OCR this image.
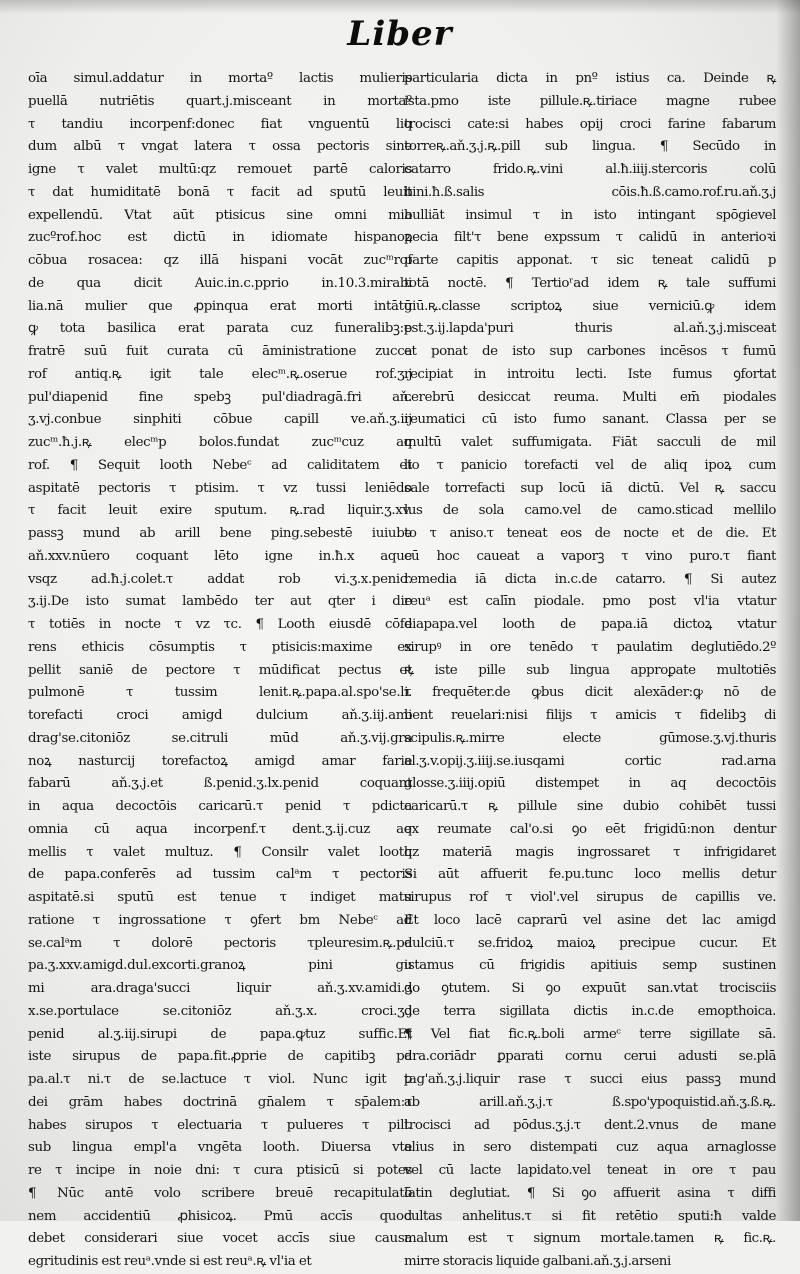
Liber
oīa simul.addatur in mortaº lactis mulieris
puellā nutriētis quart.j.misceant in mortaº
τ tandiu incorpenf:donec fiat vnguentū liq
dum albū τ vngat latera τ ossa pectoris sine
igne τ valet multū:qz remouet partē caloris
τ dat humiditatē bonā τ facit ad sputū leuit
expellendū. Vtat aūt ptisicus sine omni mia
zucºrof.hoc est dictū in idiomate hispanoꝝ
cōbua rosacea: qz illā hispani vocāt zucᵐrof
de qua dicit Auic.in.c.pprio in.10.3.mirabi
lia.nā mulier que ꝓpinqua erat morti intātū
ꝙ tota basilica erat parata cuz funeralibꝫ:p
fratrē suū fuit curata cū āministratione zucca
rof antiq.ꝶ igit tale elecᵐ.ꝶ.oserue rof.ʒ.j
pul'diapenid fine spebꝫ pul'diadragā.fri aň.
ʒ.vj.conbue sinphiti cōbue capill ve.aň.ʒ.iij
zucᵐ.ħ.j.ꝶ elecᵐp bolos.fundat zucᵐcuz aq
rof. ¶ Sequit looth Nebeᶜ ad caliditatem et
aspitatē pectoris τ ptisim. τ vz tussi leniēdo
τ facit leuit exire sputum. ꝶ.rad liquir.ʒ.xv.
passꝫ mund ab arill bene ping.sebestē iuiube
aň.xxv.nūero coquant lēto igne in.ħ.x aque
vsqz ad.ħ.j.colet.τ addat rob vi.ʒ.x.penid.
ʒ.ij.De isto sumat lambēdo ter aut qter i die
τ totiēs in nocte τ vz τc. ¶ Looth eiusdē cōfe
rens ethicis cōsumptis τ ptisicis:maxime ex
pellit saniē de pectore τ mūdificat pectus et
pulmonē τ tussim lenit.ꝶ.papa.al.spo'se.li.
torefacti croci amigd dulcium aň.ʒ.iij.ami
drag'se.citoniōz se.citruli mūd aň.ʒ.vij.gra
noꝝ nasturcij torefactoꝝ amigd amar farie
fabarū aň.ʒ.j.et ß.penid.ʒ.lx.penid coquant
in aqua decoctōis caricarū.τ penid τ pdicta
omnia cū aqua incorpenf.τ dent.ʒ.ij.cuz aq
mellis τ valet multuz. ¶ Consilr valet looth
de papa.conferēs ad tussim calᵃm τ pectoris
aspitatē.si sputū est tenue τ indiget matu
ratione τ ingrossatione τ ꝯfert bm Nebeᶜ ad
se.calᵃm τ dolorē pectoris τpleuresim.ꝶ.pa
pa.ʒ.xxv.amigd.dul.excorti.granoꝝ pini gu
mi ara.draga'succi liquir aň.ʒ.xv.amidi.ʒ
x.se.portulace se.citoniōz aň.ʒ.x. croci.ʒ.j
penid al.ʒ.iij.sirupi de papa.ꝙtuz suffic.Et
iste sirupus de papa.fit.ꝓprie de capitibꝫ pa
pa.al.τ ni.τ de se.lactuce τ viol. Nunc igit p
dei grām habes doctrinā gn̄alem τ sp̄alem:τ
habes sirupos τ electuaria τ pulueres τ pill.
sub lingua empl'a vngēta looth. Diuersa vte
re τ incipe in noie dni: τ cura ptisicū si potes
¶ Nūc antē volo scribere breuē recapitulatō
nem accidentiū ꝓhisicoꝝ. Pmū accīs quod
debet considerari siue vocet accīs siue causa
egritudinis est reuᵃ.vnde si est reuᵃ.ꝶ vl'ia et
particularia dicta in pnº istius ca. Deinde ꝶ
ista.pmo iste pillule.ꝶ.tiriace magne rubee
trocisci cate:si habes opij croci farine fabarum
torreꝶ.aň.ʒ.j.ꝶ.pill sub lingua. ¶ Secūdo in
catarro frido.ꝶ.vini al.ħ.iiij.stercoris colū
bini.ħ.ß.salis cōis.ħ.ß.camo.rof.ru.aň.ʒ.j
bulliāt insimul τ in isto intingant spōgievel
pecia filt'τ bene expssum τ calidū in anterioꝛi
parte capitis apponat. τ sic teneat calidū p
totā noctē. ¶ Tertioʳad idem ꝶ tale suffumi
giū.ꝶ.classe scriptoꝝ siue verniciū.ꝙ idem
est.ʒ.ij.lapda'puri thuris al.aň.ʒ.j.misceat
et ponat de isto sup carbones incēsos τ fumū
recipiat in introitu lecti. Iste fumus ꝯfortat
cerebrū desiccat reuma. Multi em̄ piodales
reumatici cū isto fumo sanant. Classa per se
multū valet suffumigata. Fiāt sacculi de mil
lio τ panicio torefacti vel de aliq ipoꝝ cum
sale torrefacti sup locū iā dictū. Vel ꝶ saccu
lus de sola camo.vel de camo.sticad mellilo
to τ aniso.τ teneat eos de nocte et de die. Et
cū hoc caueat a vaporꝫ τ vino puro.τ fiant
remedia iā dicta in.c.de catarro. ¶ Si autez
reuᵃ est calīn piodale. pmo post vl'ia vtatur
diapapa.vel looth de papa.iā dictoꝝ vtatur
sirupꝰ in ore tenēdo τ paulatim deglutiēdo.2º
ꝶ iste pille sub lingua approꝑate multotiēs
τ frequēter.de ꝙbus dicit alexāder:ꝙ nō de
bent reuelari:nisi filijs τ amicis τ fidelibꝫ di
scipulis.ꝶ.mirre electe gūmose.ʒ.vj.thuris
al.ʒ.v.opij.ʒ.iiij.se.iusqami cortic rad.arna
glosse.ʒ.iiij.opiū distempet in aq decoctōis
caricarū.τ ꝶ pillule sine dubio cohibēt tussi
ex reumate cal'o.si ꝯo eēt frigidū:non dentur
qz materiā magis ingrossaret τ infrigidaret
Si aūt affuerit fe.pu.tunc loco mellis detur
sirupus rof τ viol'.vel sirupus de capillis ve.
Et loco lacē caprarū vel asine det lac amigd
dulciū.τ se.fridoꝝ maioꝝ precipue cucur. Et
istamus cū frigidis apitiuis semp sustinen
do ꝯtutem. Si ꝯo expuūt san.vtat trocisciis
de terra sigillata dictis in.c.de emopthoica.
¶ Vel fiat fic.ꝶ.boli armeᶜ terre sigillate sā.
dra.coriādr ꝑparati cornu cerui adusti se.plā
tag'aň.ʒ.j.liquir rase τ succi eius passꝫ mund
ab arill.aň.ʒ.j.τ ß.spo'ypoquistid.aň.ʒ.ß.ꝶ.
trocisci ad pōdus.ʒ.j.τ dent.2.vnus de mane
alius in sero distempati cuz aqua arnaglosse
vel cū lacte lapidato.vel teneat in ore τ pau
latin deglutiat. ¶ Si ꝯo affuerit asina τ diffi
cultas anhelitus.τ si fit retētio sputi:ħ valde
malum est τ signum mortale.tamen ꝶ fic.ꝶ.
mirre storacis liquide galbani.aň.ʒ.j.arseni
